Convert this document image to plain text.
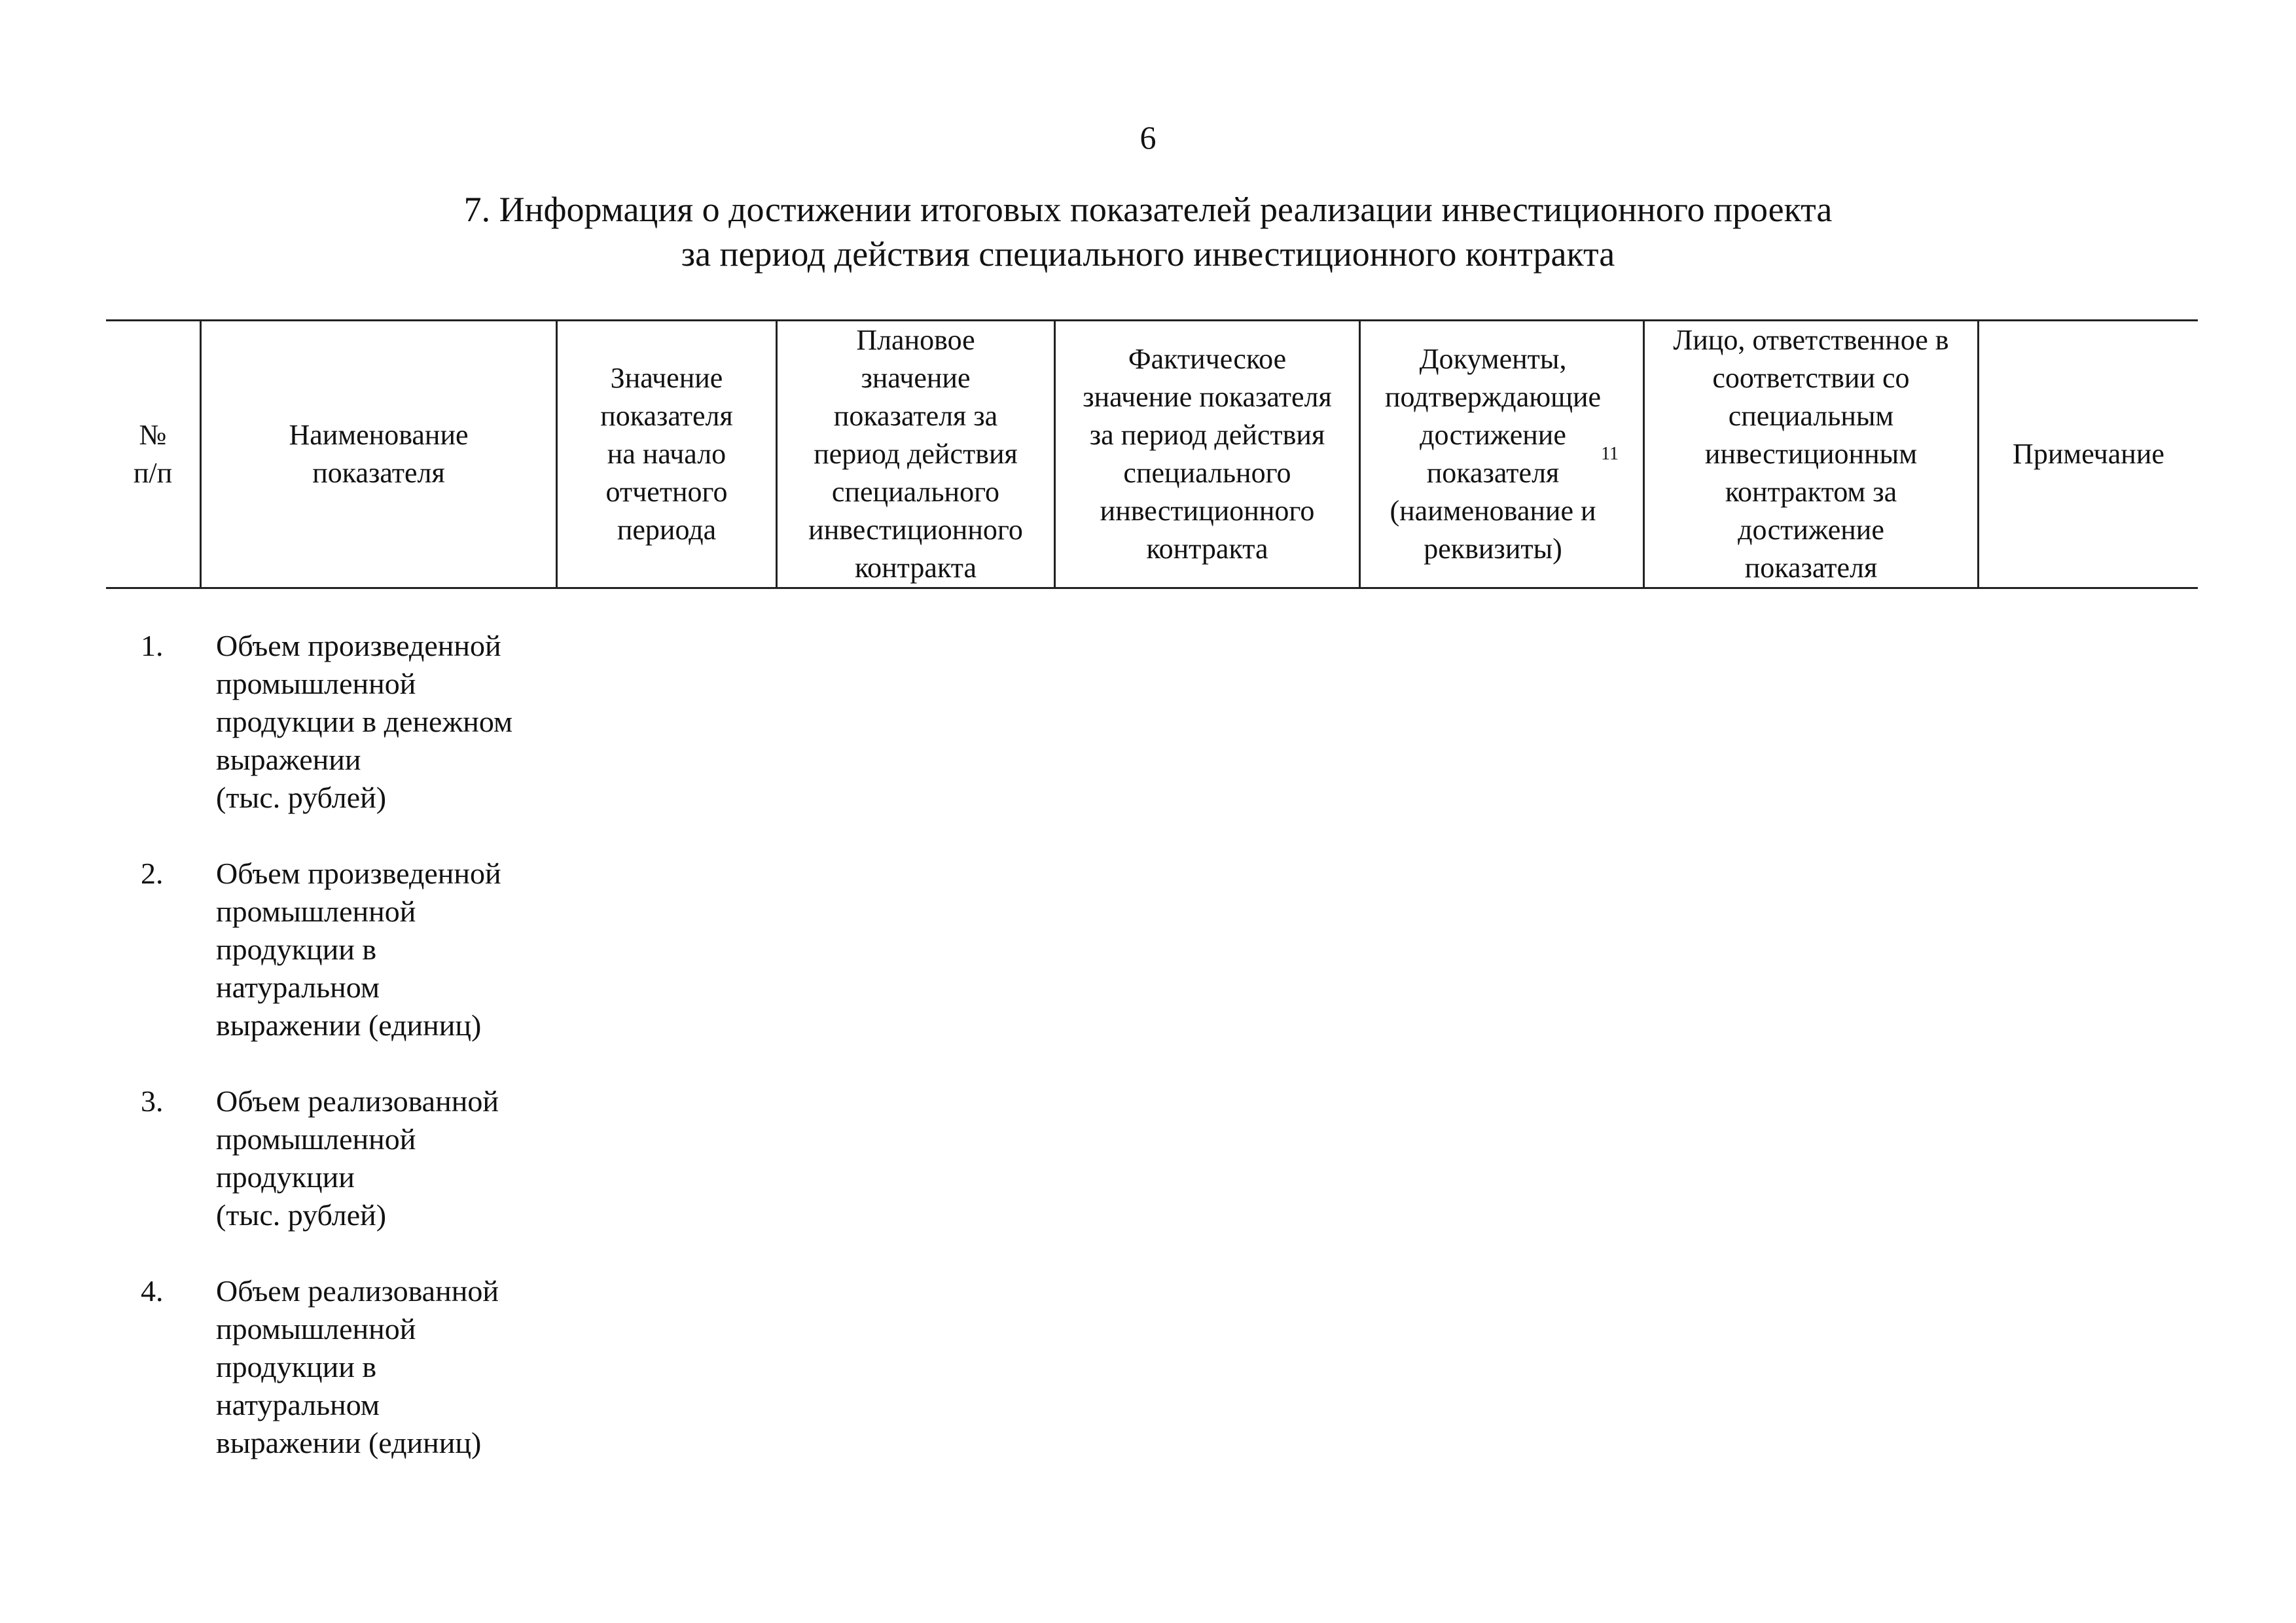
6
7. Информация о достижении итоговых показателей реализации инвестиционного проекта
за период действия специального инвестиционного контракта
№
п/п
Наименование
показателя
Значение
показателя
на начало
отчетного
периода
Плановое
значение
показателя за
период действия
специального
инвестиционного
контракта
Фактическое
значение показателя
за период действия
специального
инвестиционного
контракта
Документы,
подтверждающие
достижение
показателя
(наименование и
реквизиты)
11
Лицо, ответственное в
соответствии со
специальным
инвестиционным
контрактом за
достижение
показателя
Примечание
1. Объем произведенной
промышленной
продукции в денежном
выражении
(тыс. рублей)
2. Объем произведенной
промышленной
продукции в
натуральном
выражении (единиц)
3. Объем реализованной
промышленной
продукции
(тыс. рублей)
4. Объем реализованной
промышленной
продукции в
натуральном
выражении (единиц)
